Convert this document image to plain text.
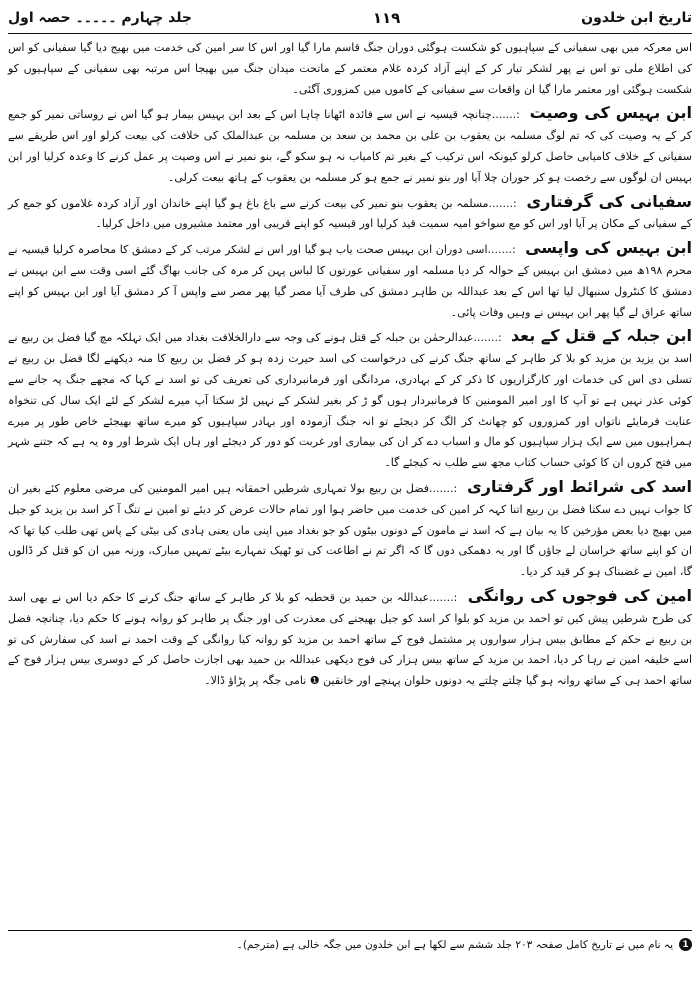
تاریخ ابن خلدون
۱۱۹
جلد چہارم ۔۔۔۔۔ حصہ اول

اس معرکہ میں بھی سفیانی کے سپاہیوں کو شکست ہوگئی دوران جنگ قاسم مارا گیا اور اس کا سر امین کی خدمت میں بھیج دیا گیا سفیانی کو اس کی اطلاع ملی تو اس نے پھر لشکر تیار کر کے اپنے آزاد کردہ غلام معتمر کے ماتحت میدان جنگ میں بھیجا اس مرتبہ بھی سفیانی کے سپاہیوں کو شکست ہوگئی اور معتمر مارا گیا ان واقعات سے سفیانی کے کاموں میں کمزوری آگئی۔

ابن بہیس کی وصیت :.......چنانچہ قیسیہ نے اس سے فائدہ اٹھانا چاہا اس کے بعد ابن بہیس بیمار ہو گیا اس نے روساتی نمیر کو جمع کر کے یہ وصیت کی کہ تم لوگ مسلمہ بن یعقوب بن علی بن محمد بن سعد بن مسلمہ بن عبدالملک کی خلافت کی بیعت کرلو اور اس طریقے سے سفیانی کے خلاف کامیابی حاصل کرلو کیونکہ اس ترکیب کے بغیر تم کامیاب نہ ہو سکو گے، بنو نمیر نے اس وصیت پر عمل کرنے کا وعدہ کرلیا اور ابن بہیس ان لوگوں سے رخصت ہو کر حوران چلا آیا اور بنو نمیر نے جمع ہو کر مسلمہ بن یعقوب کے ہاتھ بیعت کرلی۔

سفیانی کی گرفتاری :.......مسلمہ بن یعقوب بنو نمیر کی بیعت کرنے سے باغ باغ ہو گیا اپنے خاندان اور آزاد کردہ غلاموں کو جمع کر کے سفیانی کے مکان پر آیا اور اس کو مع سواخو امیہ سمیت قید کرلیا اور قیسیہ کو اپنے قریبی اور معتمد مشیروں میں داخل کرلیا۔

ابن بہیس کی واپسی :.......اسی دوران ابن بہیس صحت یاب ہو گیا اور اس نے لشکر مرتب کر کے دمشق کا محاصرہ کرلیا قیسیہ نے محرم ۱۹۸ھ میں دمشق ابن بہیس کے حوالہ کر دیا مسلمہ اور سفیانی عورتوں کا لباس پہن کر مرہ کی جانب بھاگ گئے اسی وقت سے ابن بہیس نے دمشق کا کنٹرول سنبھال لیا تھا اس کے بعد عبداللہ بن طاہر دمشق کی طرف آیا مصر گیا پھر مصر سے واپس آ کر دمشق آیا اور ابن بہیس کو اپنے ساتھ عراق لے گیا پھر ابن بہیس نے وہیں وفات پائی۔

ابن جبلہ کے قتل کے بعد :.......عبدالرحمٰن بن جبلہ کے قتل ہونے کی وجہ سے دارالخلافت بغداد میں ایک تہلکہ مچ گیا فضل بن ربیع نے اسد بن یزید بن مزید کو بلا کر طاہر کے ساتھ جنگ کرنے کی درخواست کی اسد حیرت زدہ ہو کر فضل بن ربیع کا منہ دیکھنے لگا فضل بن ربیع نے تسلی دی اس کی خدمات اور کارگزاریوں کا ذکر کر کے بہادری، مردانگی اور فرمانبرداری کی تعریف کی تو اسد نے کہا کہ مجھے جنگ پہ جانے سے کوئی عذر نہیں ہے تو آپ کا اور امیر المومنین کا فرمانبردار ہوں گو ڑ کر بغیر لشکر کے نہیں لڑ سکتا آپ میرے لشکر کے لئے ایک سال کی تنخواہ عنایت فرمایئے ناتواں اور کمزوروں کو چھانٹ کر الگ کر دیجئے تو انہ جنگ آزمودہ اور بہادر سپاہیوں کو میرے ساتھ بھیجئے خاص طور پر میرے ہمراہیوں میں سے ایک ہزار سپاہیوں کو مال و اسباب دے کر ان کی بیماری اور غربت کو دور کر دیجئے اور ہاں ایک شرط اور وہ یہ ہے کہ جتنے شہر میں فتح کروں ان کا کوئی حساب کتاب مجھ سے طلب نہ کیجئے گا۔

اسد کی شرائط اور گرفتاری :.......فضل بن ربیع بولا تمہاری شرطیں احمقانہ ہیں امیر المومنین کی مرضی معلوم کئے بغیر ان کا جواب نہیں دے سکتا فضل بن ربیع اتنا کہہ کر امین کی خدمت میں حاضر ہوا اور تمام حالات عرض کر دیئے تو امین نے تنگ آ کر اسد بن یزید کو جیل میں بھیج دیا بعض مؤرخین کا یہ بیان ہے کہ اسد نے مامون کے دونوں بیٹوں کو جو بغداد میں اپنی ماں یعنی ہادی کی بیٹی کے پاس تھی طلب کیا تھا کہ ان کو اپنے ساتھ خراسان لے جاؤں گا اور یہ دھمکی دوں گا کہ اگر تم نے اطاعت کی تو ٹھیک تمہارے بیٹے تمہیں مبارک، ورنہ میں ان کو قتل کر ڈالوں گا، امین نے غضبناک ہو کر قید کر دیا۔

امین کی فوجوں کی روانگی :.......عبداللہ بن حمید بن قحطبہ کو بلا کر طاہر کے ساتھ جنگ کرنے کا حکم دیا اس نے بھی اسد کی طرح شرطیں پیش کیں تو احمد بن مزید کو بلوا کر اسد کو جیل بھیجنے کی معذرت کی اور جنگ پر طاہر کو روانہ ہونے کا حکم دیا، چنانچہ فضل بن ربیع نے حکم کے مطابق بیس ہزار سواروں پر مشتمل فوج کے ساتھ احمد بن مزید کو روانہ کیا روانگی کے وقت احمد نے اسد کی سفارش کی تو اسے خلیفہ امین نے رہا کر دیا، احمد بن مزید کے ساتھ بیس ہزار کی فوج دیکھی عبداللہ بن حمید بھی اجازت حاصل کر کے دوسری بیس ہزار فوج کے ساتھ احمد ہی کے ساتھ روانہ ہو گیا چلتے چلتے یہ دونوں حلوان پہنچے اور خانقین ❶ نامی جگہ پر پڑاؤ ڈالا۔

1
یہ نام میں نے تاریخ کامل صفحہ ۲۰۳ جلد ششم سے لکھا ہے ابن خلدون میں جگہ خالی ہے (مترجم)۔
